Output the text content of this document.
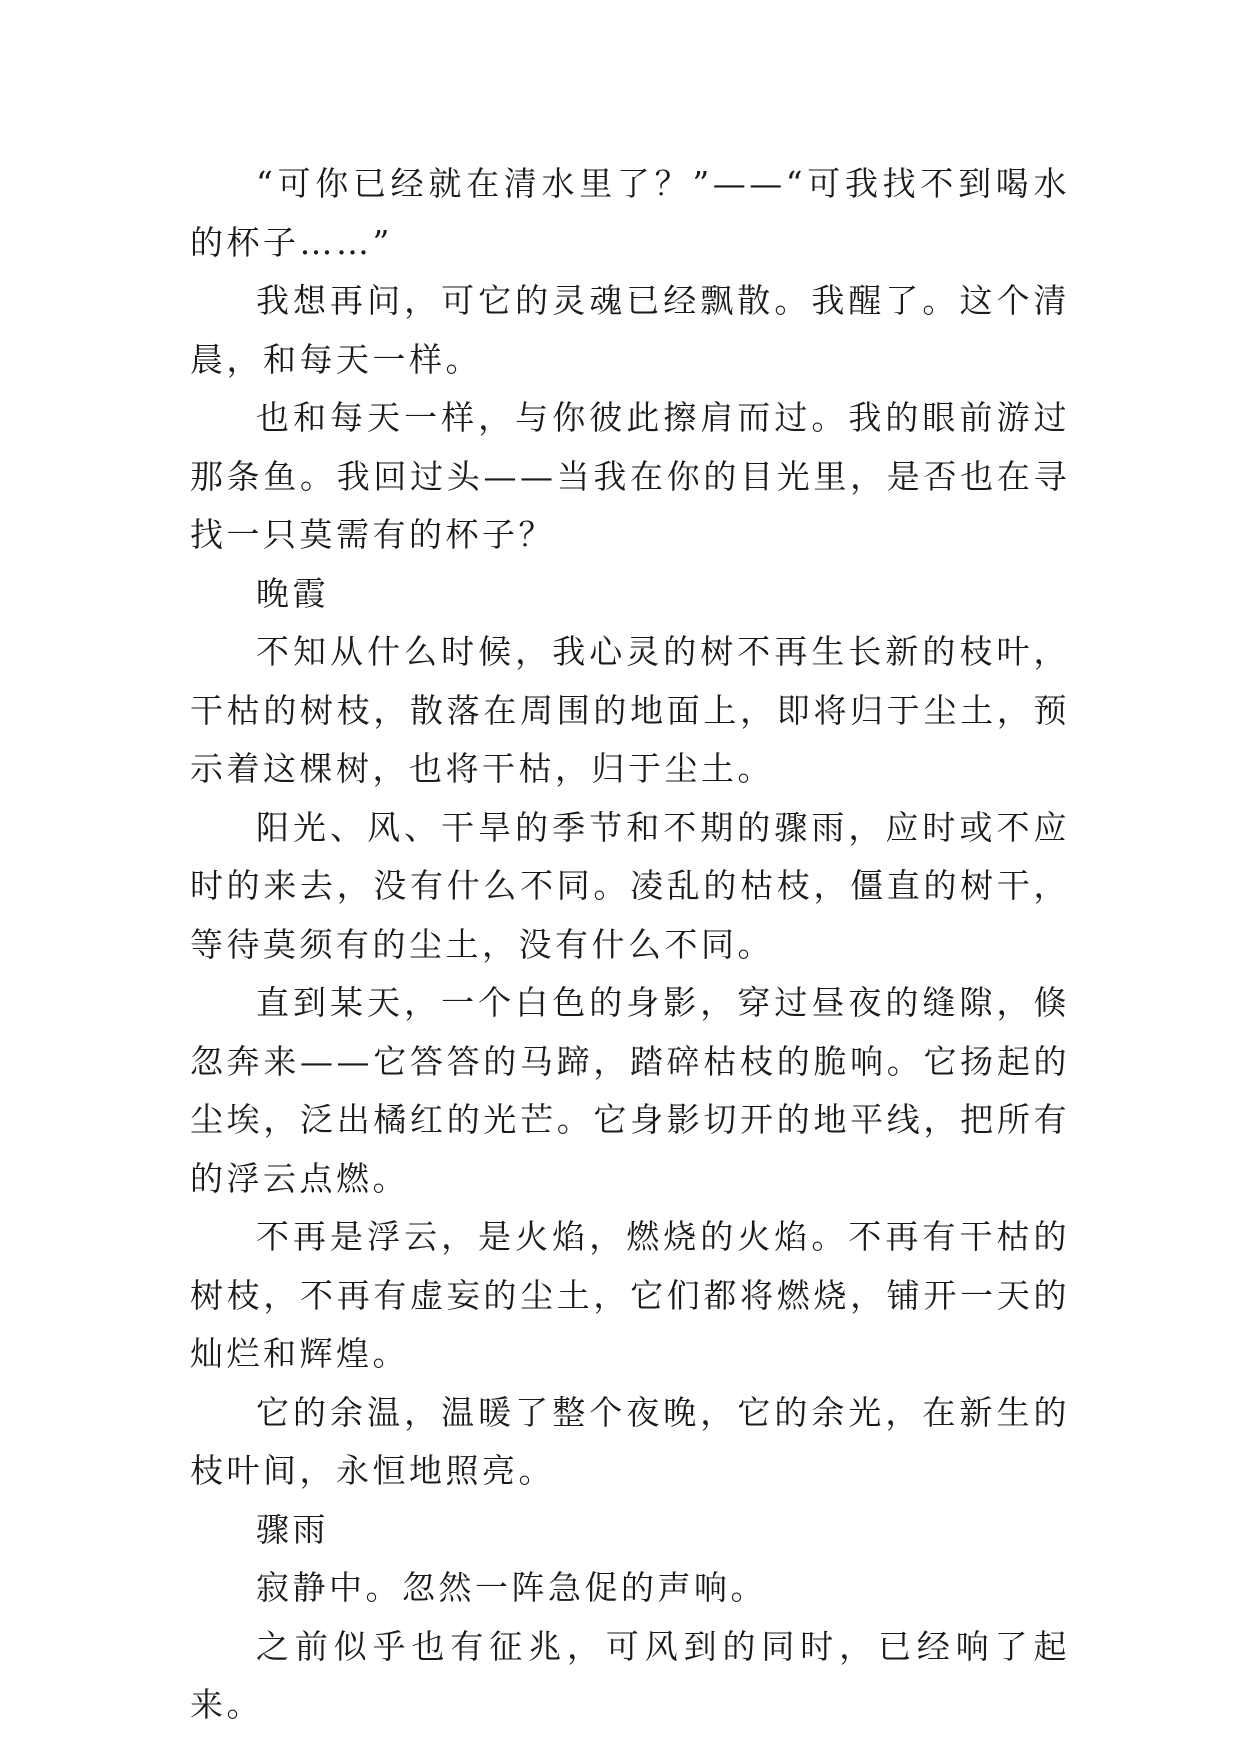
“可你已经就在清水里了？”——“可我找不到喝水的杯子……”

我想再问，可它的灵魂已经飘散。我醒了。这个清晨，和每天一样。

也和每天一样，与你彼此擦肩而过。我的眼前游过那条鱼。我回过头——当我在你的目光里，是否也在寻找一只莫需有的杯子？

晚霞

不知从什么时候，我心灵的树不再生长新的枝叶，干枯的树枝，散落在周围的地面上，即将归于尘土，预示着这棵树，也将干枯，归于尘土。

阳光、风、干旱的季节和不期的骤雨，应时或不应时的来去，没有什么不同。凌乱的枯枝，僵直的树干，等待莫须有的尘土，没有什么不同。

直到某天，一个白色的身影，穿过昼夜的缝隙，倏忽奔来——它答答的马蹄，踏碎枯枝的脆响。它扬起的尘埃，泛出橘红的光芒。它身影切开的地平线，把所有的浮云点燃。

不再是浮云，是火焰，燃烧的火焰。不再有干枯的树枝，不再有虚妄的尘土，它们都将燃烧，铺开一天的灿烂和辉煌。

它的余温，温暖了整个夜晚，它的余光，在新生的枝叶间，永恒地照亮。

骤雨

寂静中。忽然一阵急促的声响。

之前似乎也有征兆，可风到的同时，已经响了起来。
